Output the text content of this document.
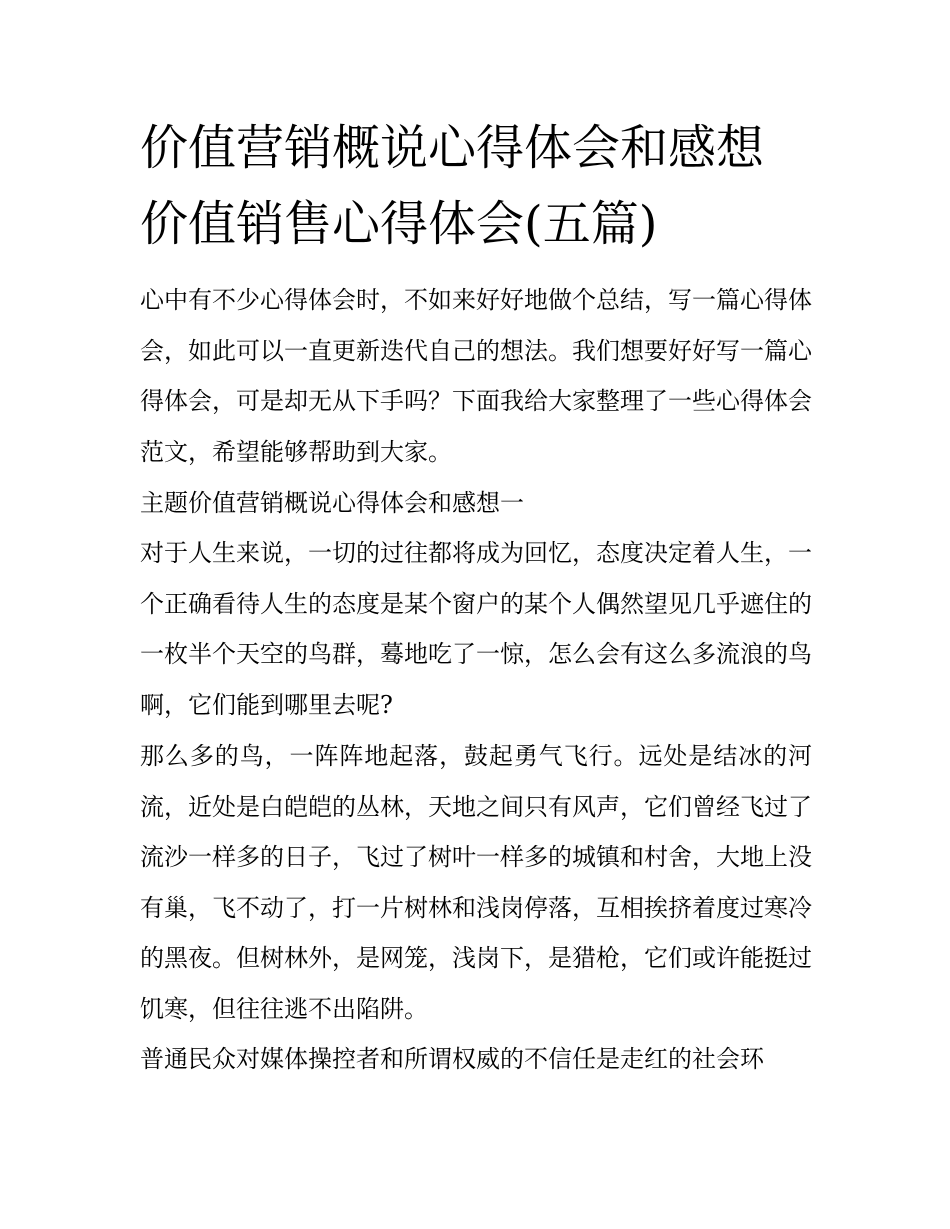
价值营销概说心得体会和感想
价值销售心得体会(五篇)
心中有不少心得体会时，不如来好好地做个总结，写一篇心得体会，如此可以一直更新迭代自己的想法。我们想要好好写一篇心得体会，可是却无从下手吗？下面我给大家整理了一些心得体会范文，希望能够帮助到大家。
主题价值营销概说心得体会和感想一
对于人生来说，一切的过往都将成为回忆，态度决定着人生，一个正确看待人生的态度是某个窗户的某个人偶然望见几乎遮住的一枚半个天空的鸟群，蓦地吃了一惊，怎么会有这么多流浪的鸟啊，它们能到哪里去呢?
那么多的鸟，一阵阵地起落，鼓起勇气飞行。远处是结冰的河流，近处是白皑皑的丛林，天地之间只有风声，它们曾经飞过了流沙一样多的日子，飞过了树叶一样多的城镇和村舍，大地上没有巢，飞不动了，打一片树林和浅岗停落，互相挨挤着度过寒冷的黑夜。但树林外，是网笼，浅岗下，是猎枪，它们或许能挺过饥寒，但往往逃不出陷阱。
普通民众对媒体操控者和所谓权威的不信任是走红的社会环
